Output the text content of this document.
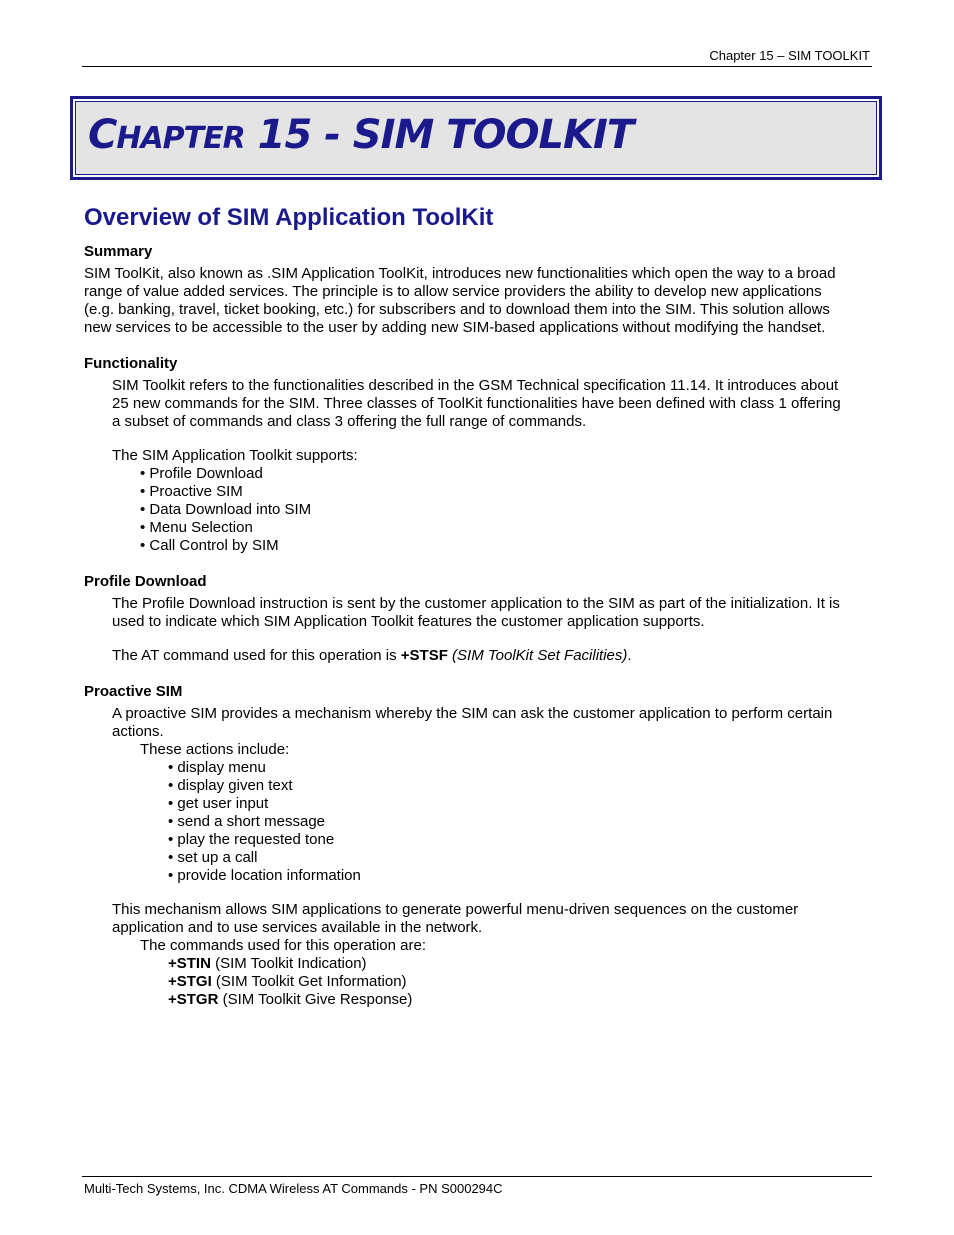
Chapter 15 – SIM TOOLKIT
CHAPTER 15 - SIM TOOLKIT
Overview of SIM Application ToolKit
Summary

SIM ToolKit, also known as .SIM Application ToolKit, introduces new functionalities which open the way to a broad range of value added services. The principle is to allow service providers the ability to develop new applications (e.g. banking, travel, ticket booking, etc.) for subscribers and to download them into the SIM. This solution allows new services to be accessible to the user by adding new SIM-based applications without modifying the handset.

Functionality

SIM Toolkit refers to the functionalities described in the GSM Technical specification 11.14. It introduces about 25 new commands for the SIM. Three classes of ToolKit functionalities have been defined with class 1 offering a subset of commands and class 3 offering the full range of commands.

The SIM Application Toolkit supports:

• Profile Download
• Proactive SIM
• Data Download into SIM
• Menu Selection
• Call Control by SIM
Profile Download

The Profile Download instruction is sent by the customer application to the SIM as part of the initialization. It is used to indicate which SIM Application Toolkit features the customer application supports.

The AT command used for this operation is +STSF (SIM ToolKit Set Facilities).

Proactive SIM

A proactive SIM provides a mechanism whereby the SIM can ask the customer application to perform certain actions.

These actions include:

• display menu
• display given text
• get user input
• send a short message
• play the requested tone
• set up a call
• provide location information

This mechanism allows SIM applications to generate powerful menu-driven sequences on the customer application and to use services available in the network.

The commands used for this operation are:

+STIN (SIM Toolkit Indication)
+STGI (SIM Toolkit Get Information)
+STGR (SIM Toolkit Give Response)
Multi-Tech Systems, Inc. CDMA Wireless AT Commands - PN S000294C
